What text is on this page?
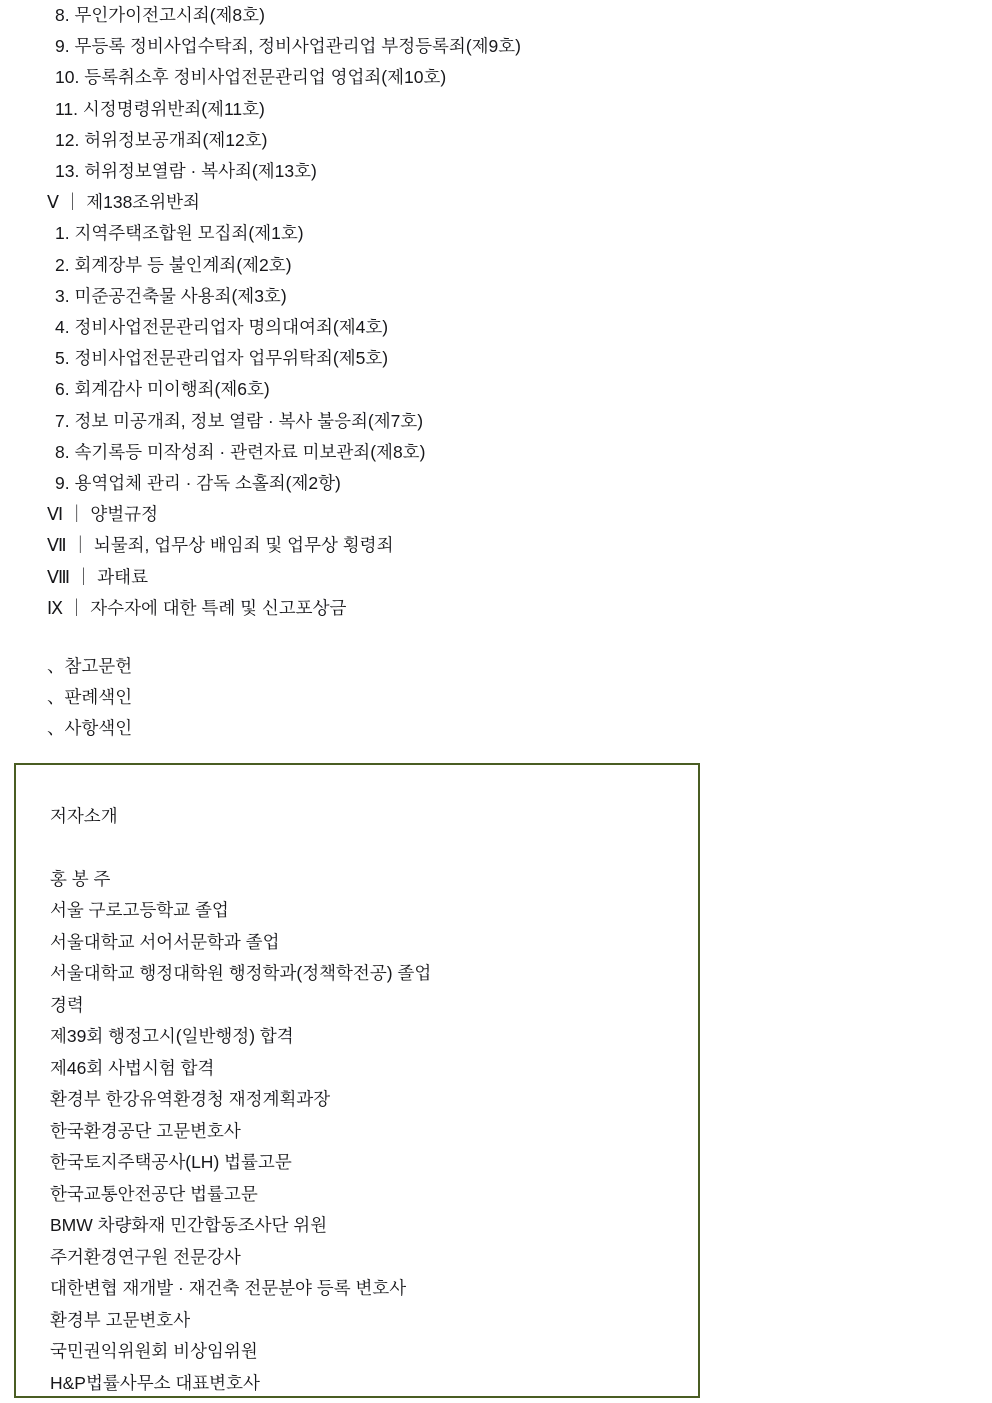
8. 무인가이전고시죄(제8호)
9. 무등록 정비사업수탁죄, 정비사업관리업 부정등록죄(제9호)
10. 등록취소후 정비사업전문관리업 영업죄(제10호)
11. 시정명령위반죄(제11호)
12. 허위정보공개죄(제12호)
13. 허위정보열람 · 복사죄(제13호)
Ⅴ ｜ 제138조위반죄
1. 지역주택조합원 모집죄(제1호)
2. 회계장부 등 불인계죄(제2호)
3. 미준공건축물 사용죄(제3호)
4. 정비사업전문관리업자 명의대여죄(제4호)
5. 정비사업전문관리업자 업무위탁죄(제5호)
6. 회계감사 미이행죄(제6호)
7. 정보 미공개죄, 정보 열람 · 복사 불응죄(제7호)
8. 속기록등 미작성죄 · 관련자료 미보관죄(제8호)
9. 용역업체 관리 · 감독 소홀죄(제2항)
Ⅵ ｜ 양벌규정
Ⅶ ｜ 뇌물죄, 업무상 배임죄 및 업무상 횡령죄
Ⅷ ｜ 과태료
Ⅸ ｜ 자수자에 대한 특례 및 신고포상금
、참고문헌
、판례색인
、사항색인
저자소개
홍 봉 주
서울 구로고등학교 졸업
서울대학교 서어서문학과 졸업
서울대학교 행정대학원 행정학과(정책학전공) 졸업
경력
제39회 행정고시(일반행정) 합격
제46회 사법시험 합격
환경부 한강유역환경청 재정계획과장
한국환경공단 고문변호사
한국토지주택공사(LH) 법률고문
한국교통안전공단 법률고문
BMW 차량화재 민간합동조사단 위원
주거환경연구원 전문강사
대한변협 재개발 · 재건축 전문분야 등록 변호사
환경부 고문변호사
국민권익위원회 비상임위원
H&P법률사무소 대표변호사
